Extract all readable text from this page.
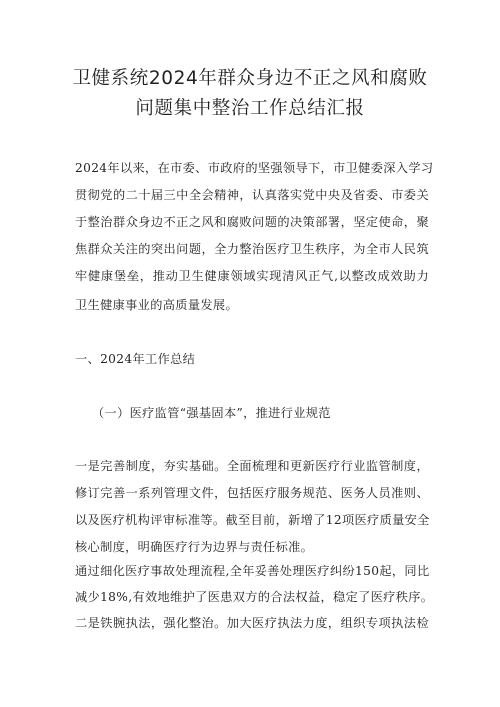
卫健系统2024年群众身边不正之风和腐败
问题集中整治工作总结汇报
2024年以来，在市委、市政府的坚强领导下，市卫健委深入学习
贯彻党的二十届三中全会精神，认真落实党中央及省委、市委关
于整治群众身边不正之风和腐败问题的决策部署，坚定使命，聚
焦群众关注的突出问题，全力整治医疗卫生秩序，为全市人民筑
牢健康堡垒，推动卫生健康领域实现清风正气,以整改成效助力
卫生健康事业的高质量发展。
一、2024年工作总结
（一）医疗监管“强基固本”，推进行业规范
一是完善制度，夯实基础。全面梳理和更新医疗行业监管制度，
修订完善一系列管理文件，包括医疗服务规范、医务人员准则、
以及医疗机构评审标准等。截至目前，新增了12项医疗质量安全
核心制度，明确医疗行为边界与责任标准。
通过细化医疗事故处理流程,全年妥善处理医疗纠纷150起，同比
减少18%,有效地维护了医患双方的合法权益，稳定了医疗秩序。
二是铁腕执法，强化整治。加大医疗执法力度，组织专项执法检
